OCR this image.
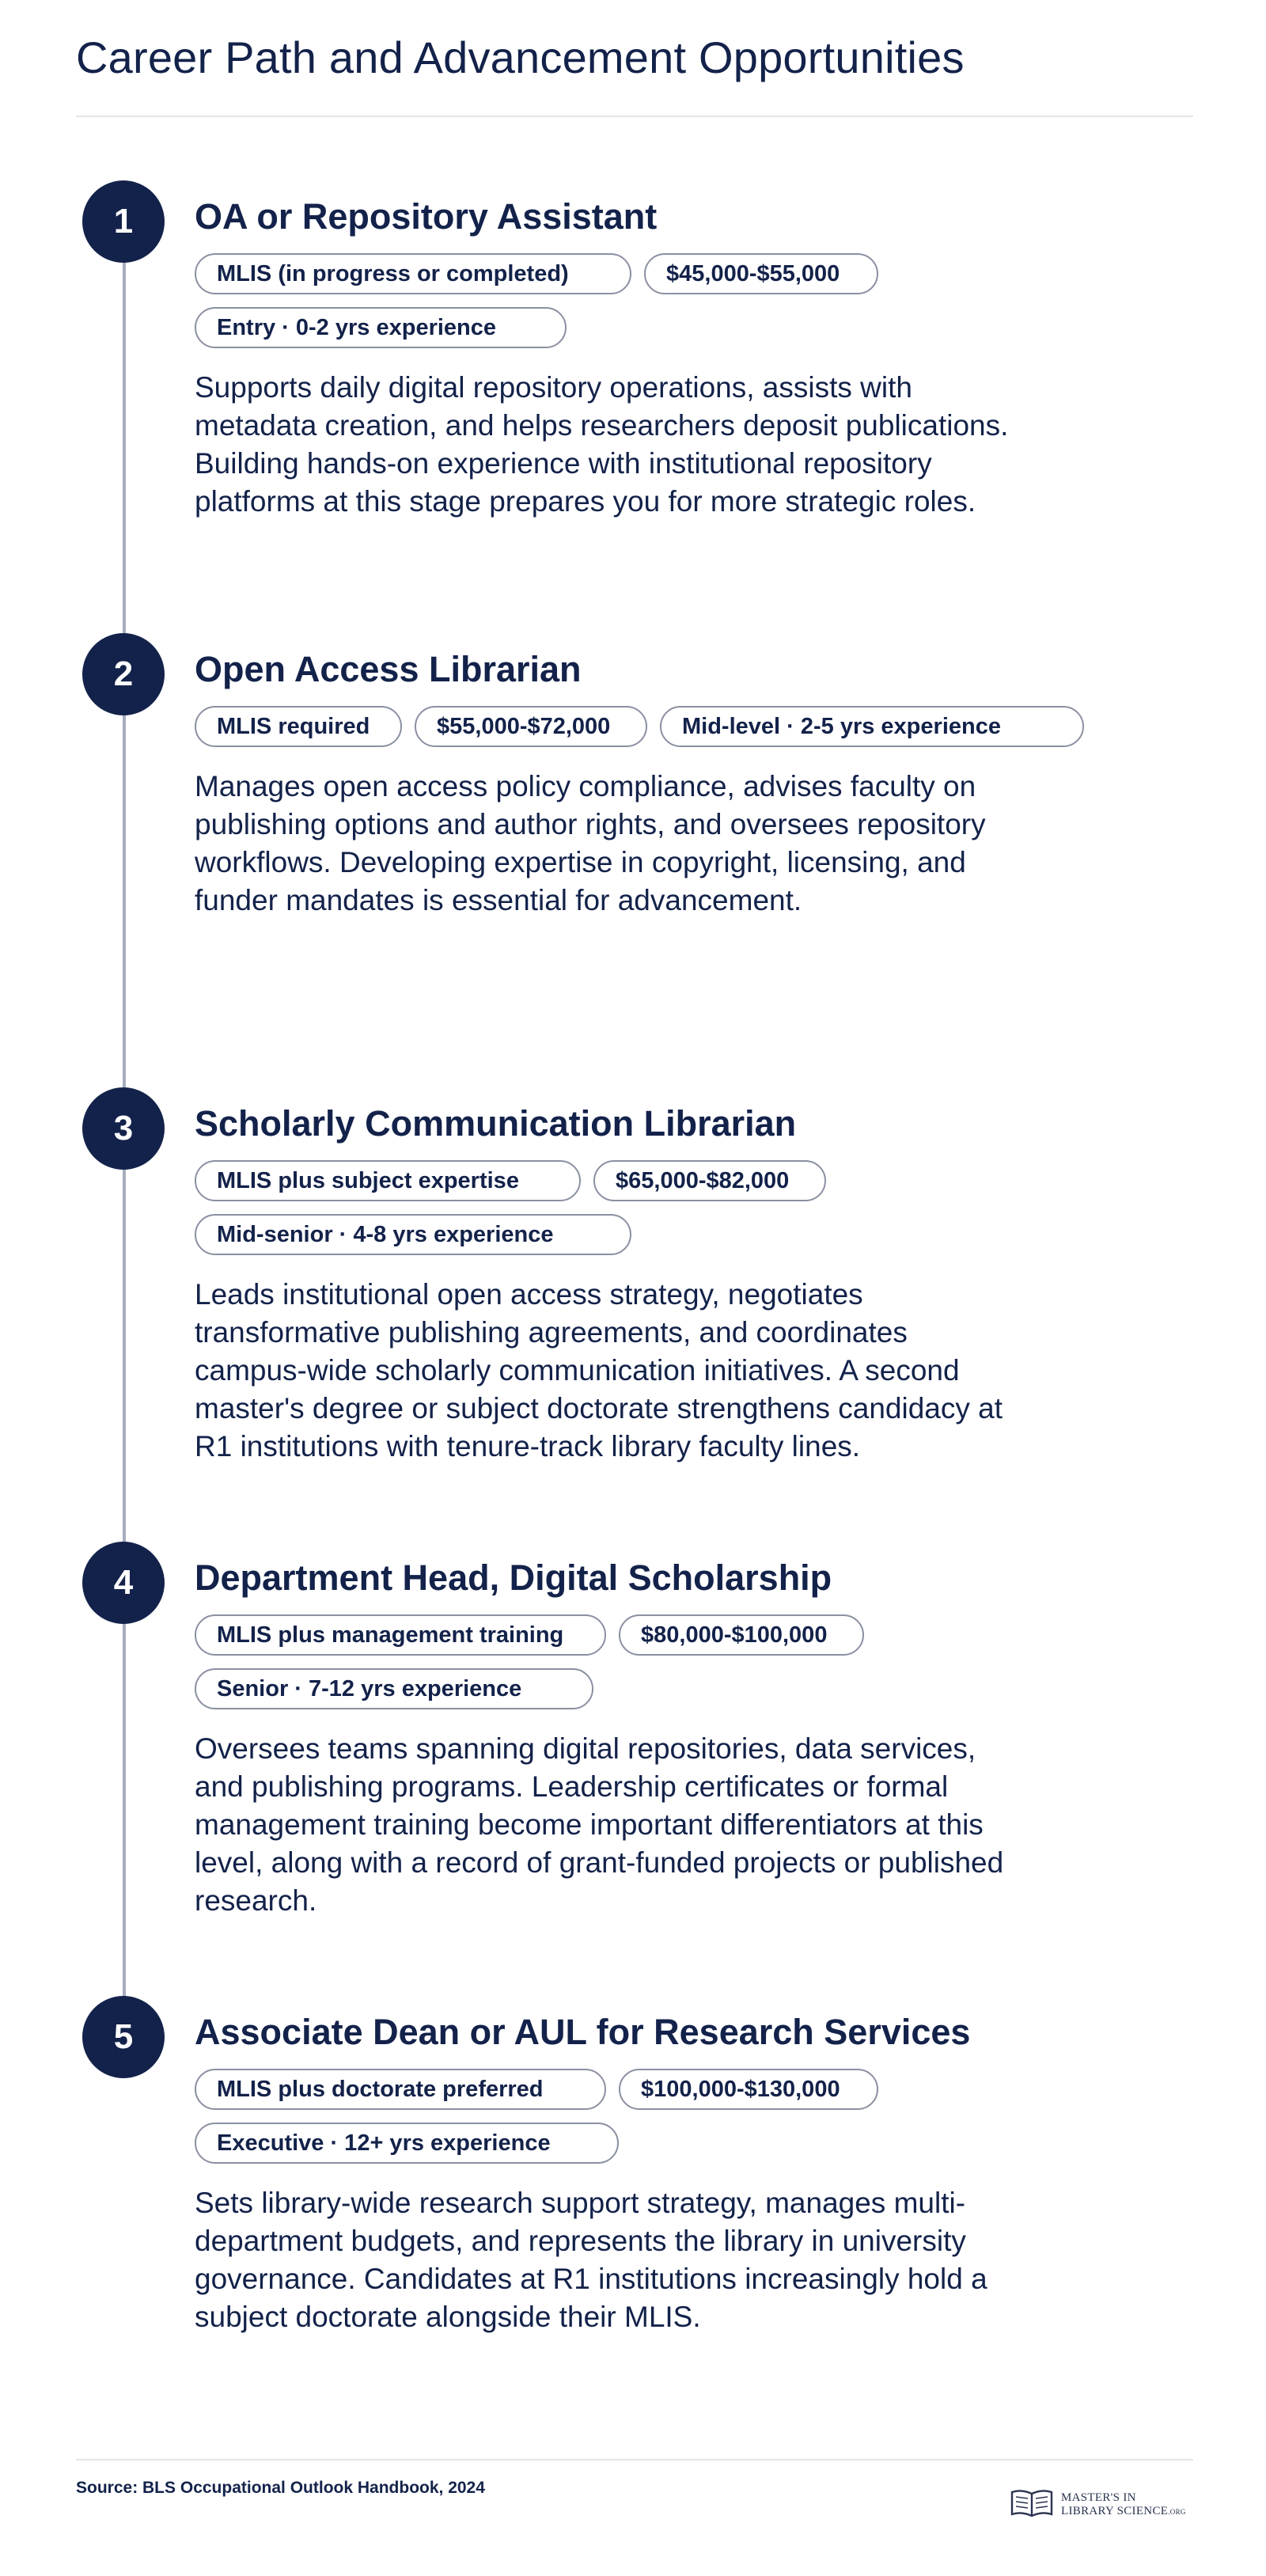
Career Path and Advancement Opportunities
1	OA or Repository Assistant
MLIS (in progress or completed)	$45,000-$55,000
Entry · 0-2 yrs experience

Supports daily digital repository operations, assists with metadata creation, and helps researchers deposit publications. Building hands-on experience with institutional repository platforms at this stage prepares you for more strategic roles.

2	Open Access Librarian
MLIS required	$55,000-$72,000	Mid-level · 2-5 yrs experience

Manages open access policy compliance, advises faculty on publishing options and author rights, and oversees repository workflows. Developing expertise in copyright, licensing, and funder mandates is essential for advancement.

3	Scholarly Communication Librarian
MLIS plus subject expertise	$65,000-$82,000
Mid-senior · 4-8 yrs experience

Leads institutional open access strategy, negotiates transformative publishing agreements, and coordinates campus-wide scholarly communication initiatives. A second master's degree or subject doctorate strengthens candidacy at R1 institutions with tenure-track library faculty lines.

4	Department Head, Digital Scholarship
MLIS plus management training	$80,000-$100,000
Senior · 7-12 yrs experience

Oversees teams spanning digital repositories, data services, and publishing programs. Leadership certificates or formal management training become important differentiators at this level, along with a record of grant-funded projects or published research.

5	Associate Dean or AUL for Research Services
MLIS plus doctorate preferred	$100,000-$130,000
Executive · 12+ yrs experience

Sets library-wide research support strategy, manages multi-department budgets, and represents the library in university governance. Candidates at R1 institutions increasingly hold a subject doctorate alongside their MLIS.

Source: BLS Occupational Outlook Handbook, 2024
MASTER'S IN
LIBRARY SCIENCE.ORG
